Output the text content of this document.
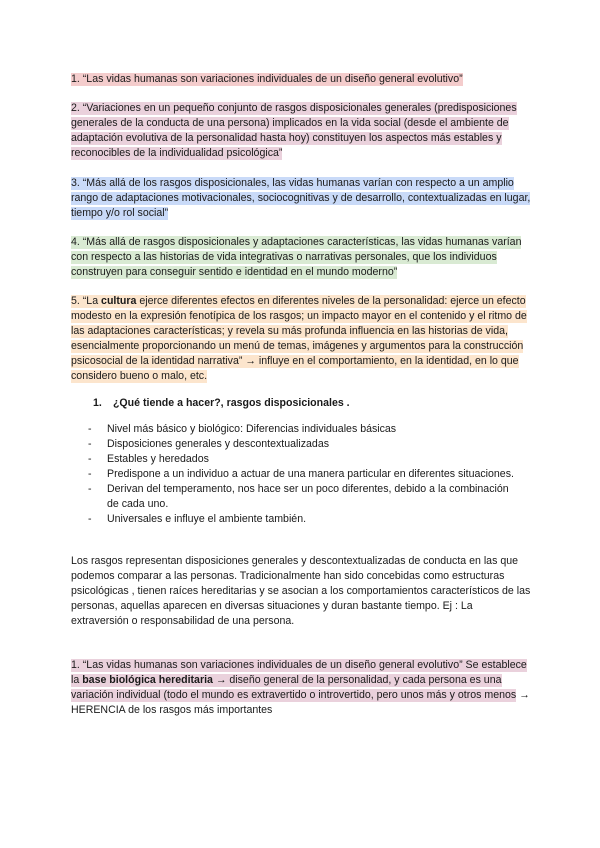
1. “Las vidas humanas son variaciones individuales de un diseño general evolutivo”

2. “Variaciones en un pequeño conjunto de rasgos disposicionales generales (predisposiciones generales de la conducta de una persona) implicados en la vida social (desde el ambiente de adaptación evolutiva de la personalidad hasta hoy) constituyen los aspectos más estables y reconocibles de la individualidad psicológica”

3. “Más allá de los rasgos disposicionales, las vidas humanas varían con respecto a un amplio rango de adaptaciones motivacionales, sociocognitivas y de desarrollo, contextualizadas en lugar, tiempo y/o rol social”

4. “Más allá de rasgos disposicionales y adaptaciones características, las vidas humanas varían con respecto a las historias de vida integrativas o narrativas personales, que los individuos construyen para conseguir sentido e identidad en el mundo moderno”

5. “La cultura ejerce diferentes efectos en diferentes niveles de la personalidad: ejerce un efecto modesto en la expresión fenotípica de los rasgos; un impacto mayor en el contenido y el ritmo de las adaptaciones características; y revela su más profunda influencia en las historias de vida, esencialmente proporcionando un menú de temas, imágenes y argumentos para la construcción psicosocial de la identidad narrativa” → influye en el comportamiento, en la identidad, en lo que considero bueno o malo, etc.

1. ¿Qué tiende a hacer?, rasgos disposicionales .
- Nivel más básico y biológico: Diferencias individuales básicas
- Disposiciones generales y descontextualizadas
- Estables y heredados
- Predispone a un individuo a actuar de una manera particular en diferentes situaciones.
- Derivan del temperamento, nos hace ser un poco diferentes, debido a la combinación de cada uno.
- Universales e influye el ambiente también.

Los rasgos representan disposiciones generales y descontextualizadas de conducta en las que podemos comparar a las personas. Tradicionalmente han sido concebidas como estructuras psicológicas , tienen raíces hereditarias y se asocian a los comportamientos característicos de las personas, aquellas aparecen en diversas situaciones y duran bastante tiempo. Ej : La extraversión o responsabilidad de una persona.

1. “Las vidas humanas son variaciones individuales de un diseño general evolutivo” Se establece la base biológica hereditaria → diseño general de la personalidad, y cada persona es una variación individual (todo el mundo es extravertido o introvertido, pero unos más y otros menos → HERENCIA de los rasgos más importantes
